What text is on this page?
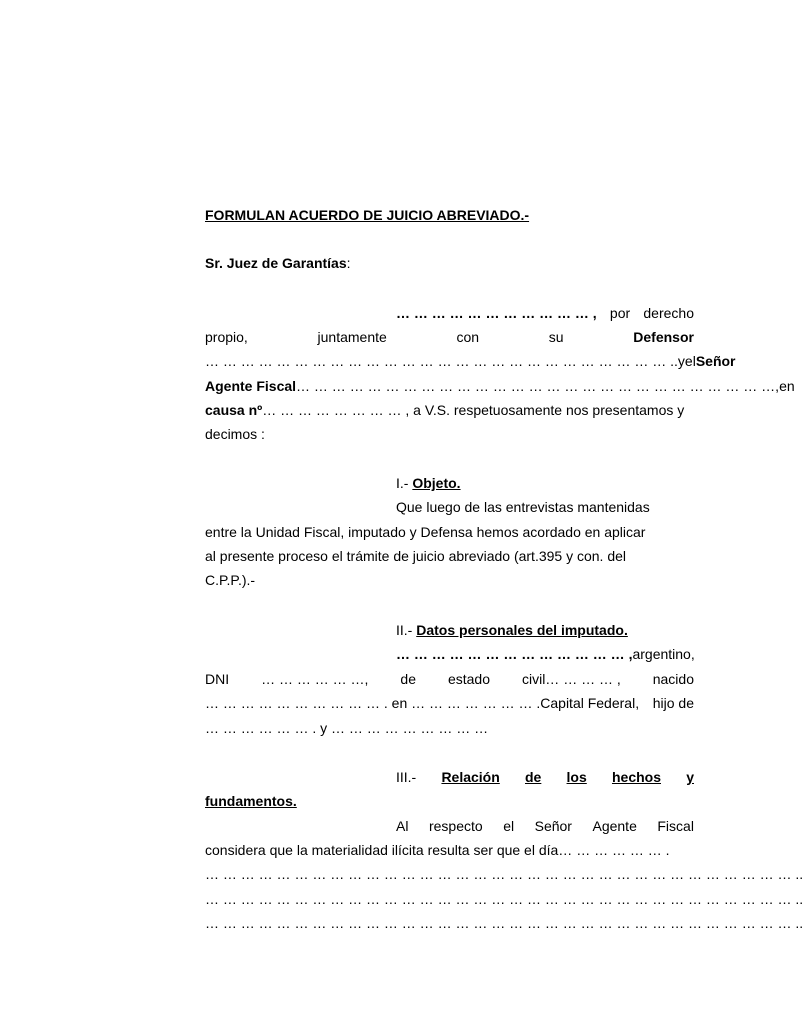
FORMULAN ACUERDO DE JUICIO ABREVIADO.-
Sr. Juez de Garantías:
… … … … … … … … … … … , por derecho
propio,	juntamente	con	su	Defensor
… … … … … … … … … … … … … … … … … … … … … … … … … … .. y el Señor
Agente Fiscal … … … … … … … … … … … … … … … … … … … … … … … … … … …, en
causa nº… … … … … … … … , a V.S. respetuosamente nos presentamos y
decimos :
I.- Objeto.
Que luego de las entrevistas mantenidas
entre la Unidad Fiscal, imputado y Defensa hemos acordado en aplicar
al presente proceso el trámite de juicio abreviado (art.395 y con. del
C.P.P.).-
II.- Datos personales del imputado.
… … … … … … … … … … … … … , argentino,
DNI … … … … … …, de estado civil… … … … , nacido
… … … … … … … … … … . en … … … … … … … .Capital Federal, hijo de
… … … … … … . y … … … … … … … … …
III.- Relación de los hechos y
fundamentos.
Al respecto el Señor Agente Fiscal
considera que la materialidad ilícita resulta ser que el día… … … … … … .
… … … … … … … … … … … … … … … … … … … … … … … … … … … … … … … … … ..
… … … … … … … … … … … … … … … … … … … … … … … … … … … … … … … … … ..
… … … … … … … … … … … … … … … … … … … … … … … … … … … … … … … … … ..
